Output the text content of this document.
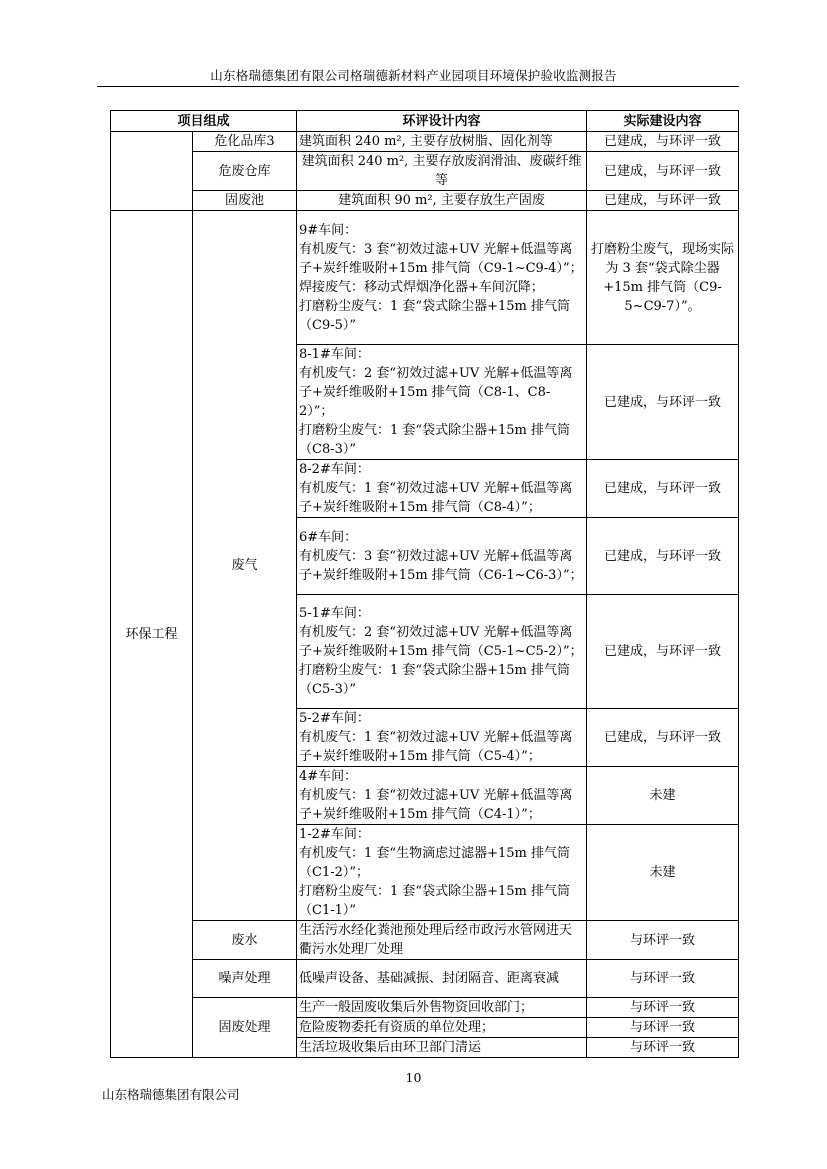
山东格瑞德集团有限公司格瑞德新材料产业园项目环境保护验收监测报告
项目组成		环评设计内容	实际建设内容
	危化品库3	建筑面积 240 m², 主要存放树脂、固化剂等	已建成，与环评一致
	危废仓库	建筑面积 240 m², 主要存放废润滑油、废碳纤维等	已建成，与环评一致
	固废池	建筑面积 90 m², 主要存放生产固废	已建成，与环评一致
环保工程	废气	9#车间：
有机废气：3 套“初效过滤+UV 光解+低温等离子+炭纤维吸附+15m 排气筒（C9-1~C9-4）”；
焊接废气：移动式焊烟净化器+车间沉降；
打磨粉尘废气：1 套“袋式除尘器+15m 排气筒（C9-5）”	打磨粉尘废气，现场实际为 3 套“袋式除尘器+15m 排气筒（C9-5~C9-7）”。
		8-1#车间：
有机废气：2 套“初效过滤+UV 光解+低温等离子+炭纤维吸附+15m 排气筒（C8-1、C8-2）”；
打磨粉尘废气：1 套“袋式除尘器+15m 排气筒（C8-3）”	已建成，与环评一致
		8-2#车间：
有机废气：1 套“初效过滤+UV 光解+低温等离子+炭纤维吸附+15m 排气筒（C8-4）”；	已建成，与环评一致
		6#车间：
有机废气：3 套“初效过滤+UV 光解+低温等离子+炭纤维吸附+15m 排气筒（C6-1~C6-3）”；	已建成，与环评一致
		5-1#车间：
有机废气：2 套“初效过滤+UV 光解+低温等离子+炭纤维吸附+15m 排气筒（C5-1~C5-2）”；
打磨粉尘废气：1 套“袋式除尘器+15m 排气筒（C5-3）”	已建成，与环评一致
		5-2#车间：
有机废气：1 套“初效过滤+UV 光解+低温等离子+炭纤维吸附+15m 排气筒（C5-4）”；	已建成，与环评一致
		4#车间：
有机废气：1 套“初效过滤+UV 光解+低温等离子+炭纤维吸附+15m 排气筒（C4-1）”；	未建
		1-2#车间：
有机废气：1 套“生物滴虑过滤器+15m 排气筒（C1-2）”；
打磨粉尘废气：1 套“袋式除尘器+15m 排气筒（C1-1）”	未建
	废水	生活污水经化粪池预处理后经市政污水管网进天衢污水处理厂处理	与环评一致
	噪声处理	低噪声设备、基础减振、封闭隔音、距离衰减	与环评一致
	固废处理	生产一般固废收集后外售物资回收部门；	与环评一致
		危险废物委托有资质的单位处理；	与环评一致
		生活垃圾收集后由环卫部门清运	与环评一致
10
山东格瑞德集团有限公司
